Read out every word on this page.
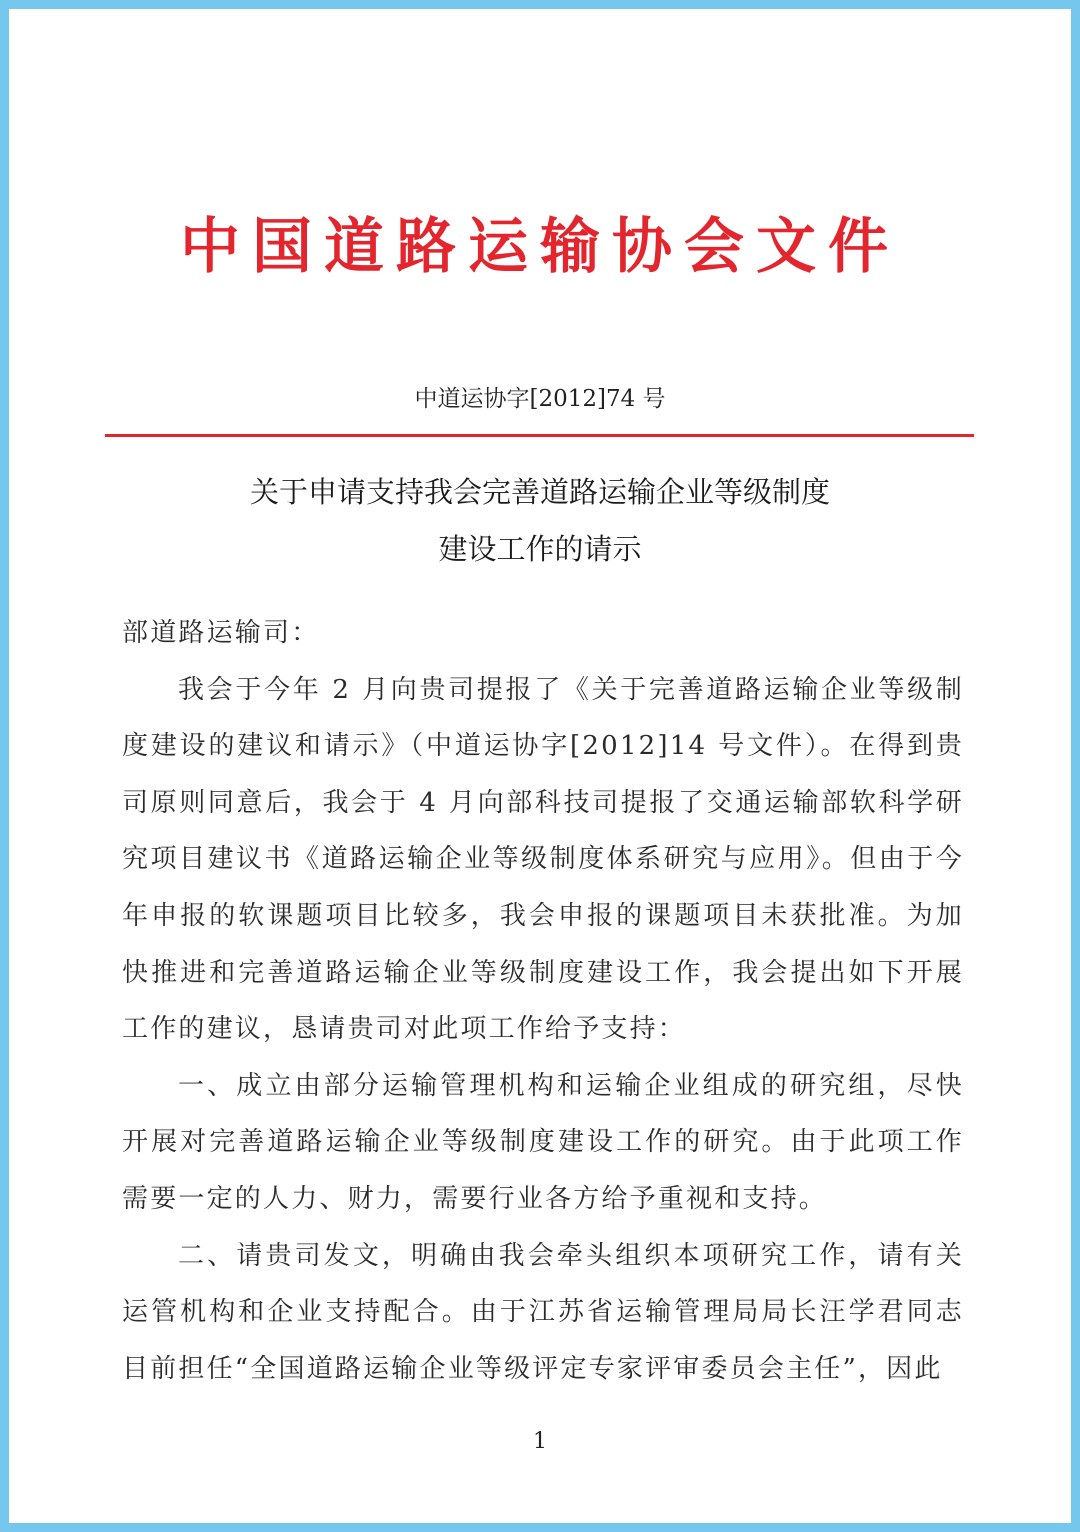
中国道路运输协会文件
中道运协字[2012]74 号
关于申请支持我会完善道路运输企业等级制度
建设工作的请示

部道路运输司：

我会于今年 2 月向贵司提报了《关于完善道路运输企业等级制度建设的建议和请示》（中道运协字[2012]14 号文件）。在得到贵司原则同意后，我会于 4 月向部科技司提报了交通运输部软科学研究项目建议书《道路运输企业等级制度体系研究与应用》。但由于今年申报的软课题项目比较多，我会申报的课题项目未获批准。为加快推进和完善道路运输企业等级制度建设工作，我会提出如下开展工作的建议，恳请贵司对此项工作给予支持：

一、成立由部分运输管理机构和运输企业组成的研究组，尽快开展对完善道路运输企业等级制度建设工作的研究。由于此项工作需要一定的人力、财力，需要行业各方给予重视和支持。

二、请贵司发文，明确由我会牵头组织本项研究工作，请有关运管机构和企业支持配合。由于江苏省运输管理局局长汪学君同志目前担任“全国道路运输企业等级评定专家评审委员会主任”，因此

1
